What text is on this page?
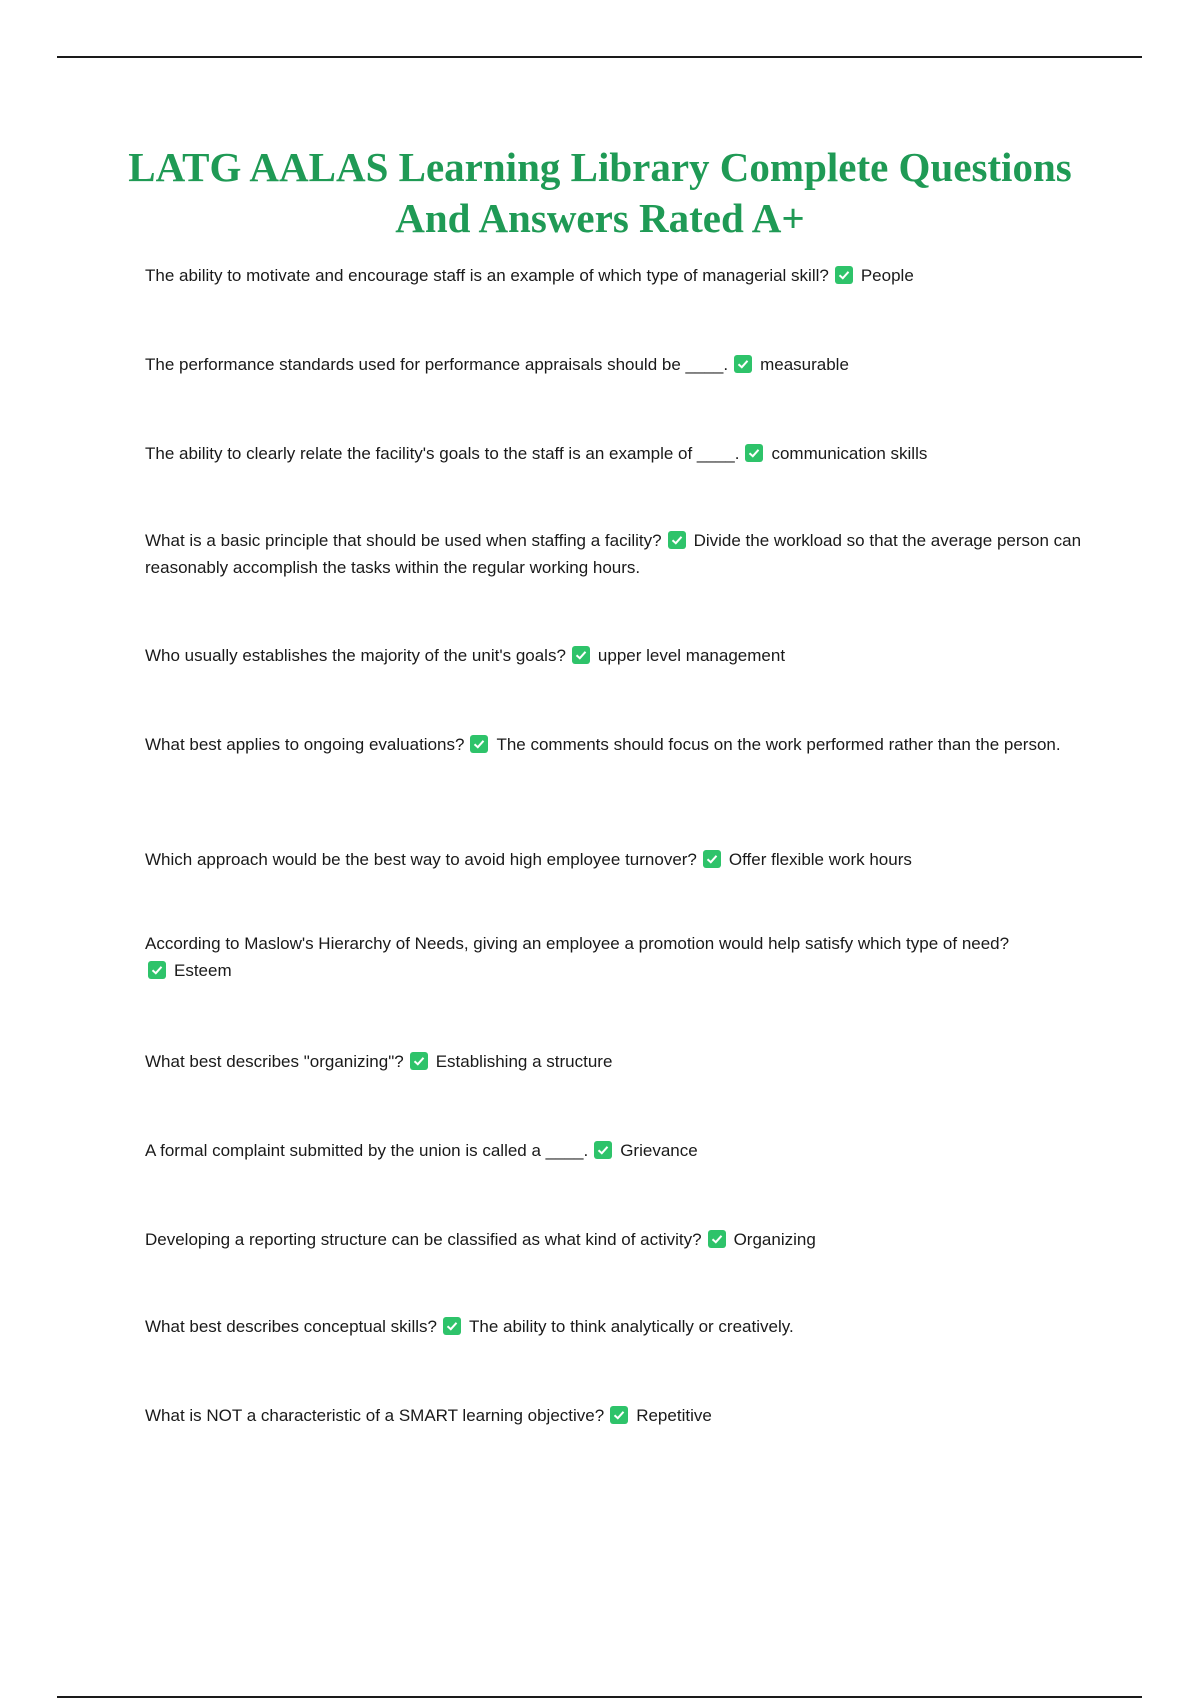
LATG AALAS Learning Library Complete Questions And Answers Rated A+

The ability to motivate and encourage staff is an example of which type of managerial skill? People

The performance standards used for performance appraisals should be ____. measurable

The ability to clearly relate the facility's goals to the staff is an example of ____. communication skills

What is a basic principle that should be used when staffing a facility? Divide the workload so that the average person can reasonably accomplish the tasks within the regular working hours.

Who usually establishes the majority of the unit's goals? upper level management

What best applies to ongoing evaluations? The comments should focus on the work performed rather than the person.

Which approach would be the best way to avoid high employee turnover? Offer flexible work hours

According to Maslow's Hierarchy of Needs, giving an employee a promotion would help satisfy which type of need?

Esteem

What best describes "organizing"? Establishing a structure

A formal complaint submitted by the union is called a ____. Grievance

Developing a reporting structure can be classified as what kind of activity? Organizing

What best describes conceptual skills? The ability to think analytically or creatively.

What is NOT a characteristic of a SMART learning objective? Repetitive
